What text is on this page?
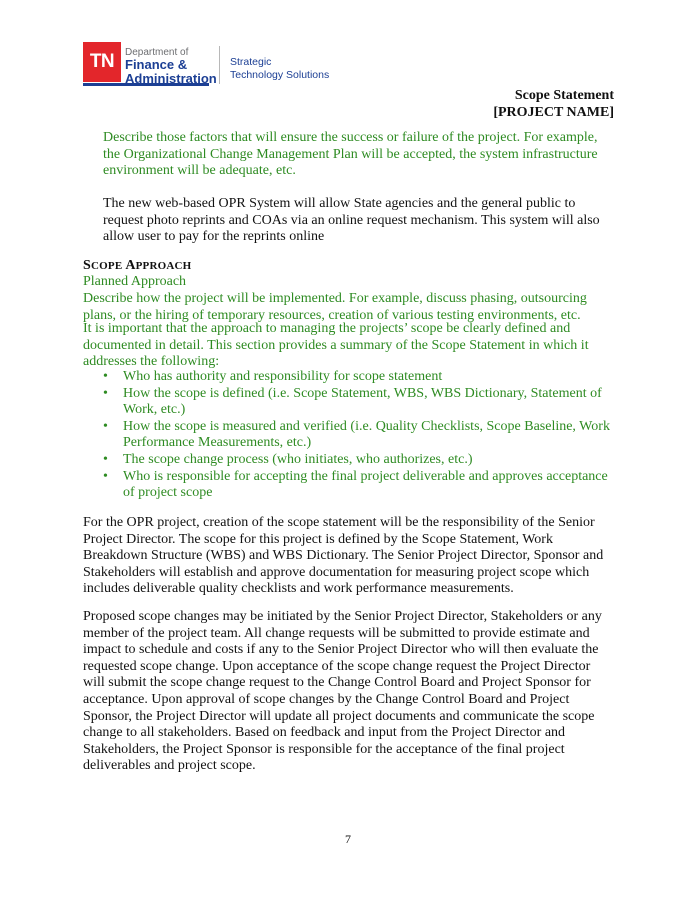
TN	Department of
Finance &
Administration
Strategic
Technology Solutions
Scope Statement
[PROJECT NAME]
Describe those factors that will ensure the success or failure of the project. For example, the Organizational Change Management Plan will be accepted, the system infrastructure environment will be adequate, etc.
The new web-based OPR System will allow State agencies and the general public to request photo reprints and COAs via an online request mechanism. This system will also allow user to pay for the reprints online
SCOPE APPROACH
Planned Approach
Describe how the project will be implemented. For example, discuss phasing, outsourcing plans, or the hiring of temporary resources, creation of various testing environments, etc.
It is important that the approach to managing the projects’ scope be clearly defined and documented in detail. This section provides a summary of the Scope Statement in which it addresses the following:
• Who has authority and responsibility for scope statement
• How the scope is defined (i.e. Scope Statement, WBS, WBS Dictionary, Statement of Work, etc.)
• How the scope is measured and verified (i.e. Quality Checklists, Scope Baseline, Work Performance Measurements, etc.)
• The scope change process (who initiates, who authorizes, etc.)
• Who is responsible for accepting the final project deliverable and approves acceptance of project scope
For the OPR project, creation of the scope statement will be the responsibility of the Senior Project Director. The scope for this project is defined by the Scope Statement, Work Breakdown Structure (WBS) and WBS Dictionary. The Senior Project Director, Sponsor and Stakeholders will establish and approve documentation for measuring project scope which includes deliverable quality checklists and work performance measurements.
Proposed scope changes may be initiated by the Senior Project Director, Stakeholders or any member of the project team. All change requests will be submitted to provide estimate and impact to schedule and costs if any to the Senior Project Director who will then evaluate the requested scope change. Upon acceptance of the scope change request the Project Director will submit the scope change request to the Change Control Board and Project Sponsor for acceptance. Upon approval of scope changes by the Change Control Board and Project Sponsor, the Project Director will update all project documents and communicate the scope change to all stakeholders. Based on feedback and input from the Project Director and Stakeholders, the Project Sponsor is responsible for the acceptance of the final project deliverables and project scope.
7
